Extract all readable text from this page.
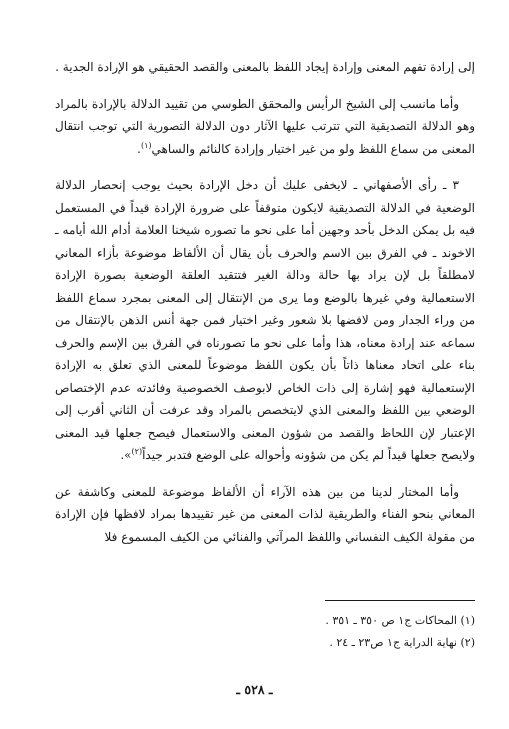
إلى إرادة تفهم المعنى وإرادة إيجاد اللفظ بالمعنى والقصد الحقيقي هو الإرادة الجدية .

وأما مانسب إلى الشيخ الرأيس والمحقق الطوسي من تقييد الدلالة بالإرادة بالمراد وهو الدلالة التصديقية التي تترتب عليها الآثار دون الدلالة التصورية التي توجب انتقال المعنى من سماع اللفظ ولو من غير اختيار وإرادة كالنائم والساهي$^{(١)}$.

٣ ـ رأى الأصفهاني ـ لايخفى عليك أن دخل الإرادة بحيث يوجب إنحصار الدلالة الوضعية في الدلالة التصديقية لايكون متوقفاً على ضرورة الإرادة قيداً في المستعمل فيه بل يمكن الدخل بأحد وجهين أما على نحو ما تصوره شيخنا العلامة أدام الله أيامه ـ الاخوند ـ في الفرق بين الاسم والحرف بأن يقال أن الألفاظ موضوعة بأزاء المعاني لامطلقاً بل لإن يراد بها حالة ودالة الغير فتتقيد العلقة الوضعية بصورة الإرادة الاستعمالية وفي غيرها بالوضع وما يرى من الإنتقال إلى المعنى بمجرد سماع اللفظ من وراء الجدار ومن لافضها بلا شعور وغير اختيار فمن جهة أنس الذهن بالإنتقال من سماعه عند إرادة معناه، هذا وأما على نحو ما تصورناه في الفرق بين الإسم والحرف بناء على اتحاد معناها ذاتاً بأن يكون اللفظ موضوعاً للمعنى الذي تعلق به الإرادة الإستعمالية فهو إشارة إلى ذات الخاص لابوصف الخصوصية وفائدته عدم الإختصاص الوضعي بين اللفظ والمعنى الذي لايتخصص بالمراد وقد عرفت أن الثاني أقرب إلى الإعتبار لإن اللحاظ والقصد من شؤون المعنى والاستعمال فيصح جعلها قيد المعنى ولايصح جعلها قيداً لم يكن من شؤونه وأحواله على الوضع فتدبر جيداً$^{(٢)}$».

وأما المختار لدينا من بين هذه الآراء أن الألفاظ موضوعة للمعنى وكاشفة عن المعاني بنحو الفناء والطريقية لذات المعنى من غير تقييدها بمراد لافظها فإن الإرادة من مقولة الكيف النفساني واللفظ المرآتي والفنائي من الكيف المسموع فلا

(١) المحاكات ج١ ص ٣٥٠ ـ ٣٥١ .

(٢) نهاية الدراية ج١ ص٢٣ ـ ٢٤ .

ـ ٥٢٨ ـ
